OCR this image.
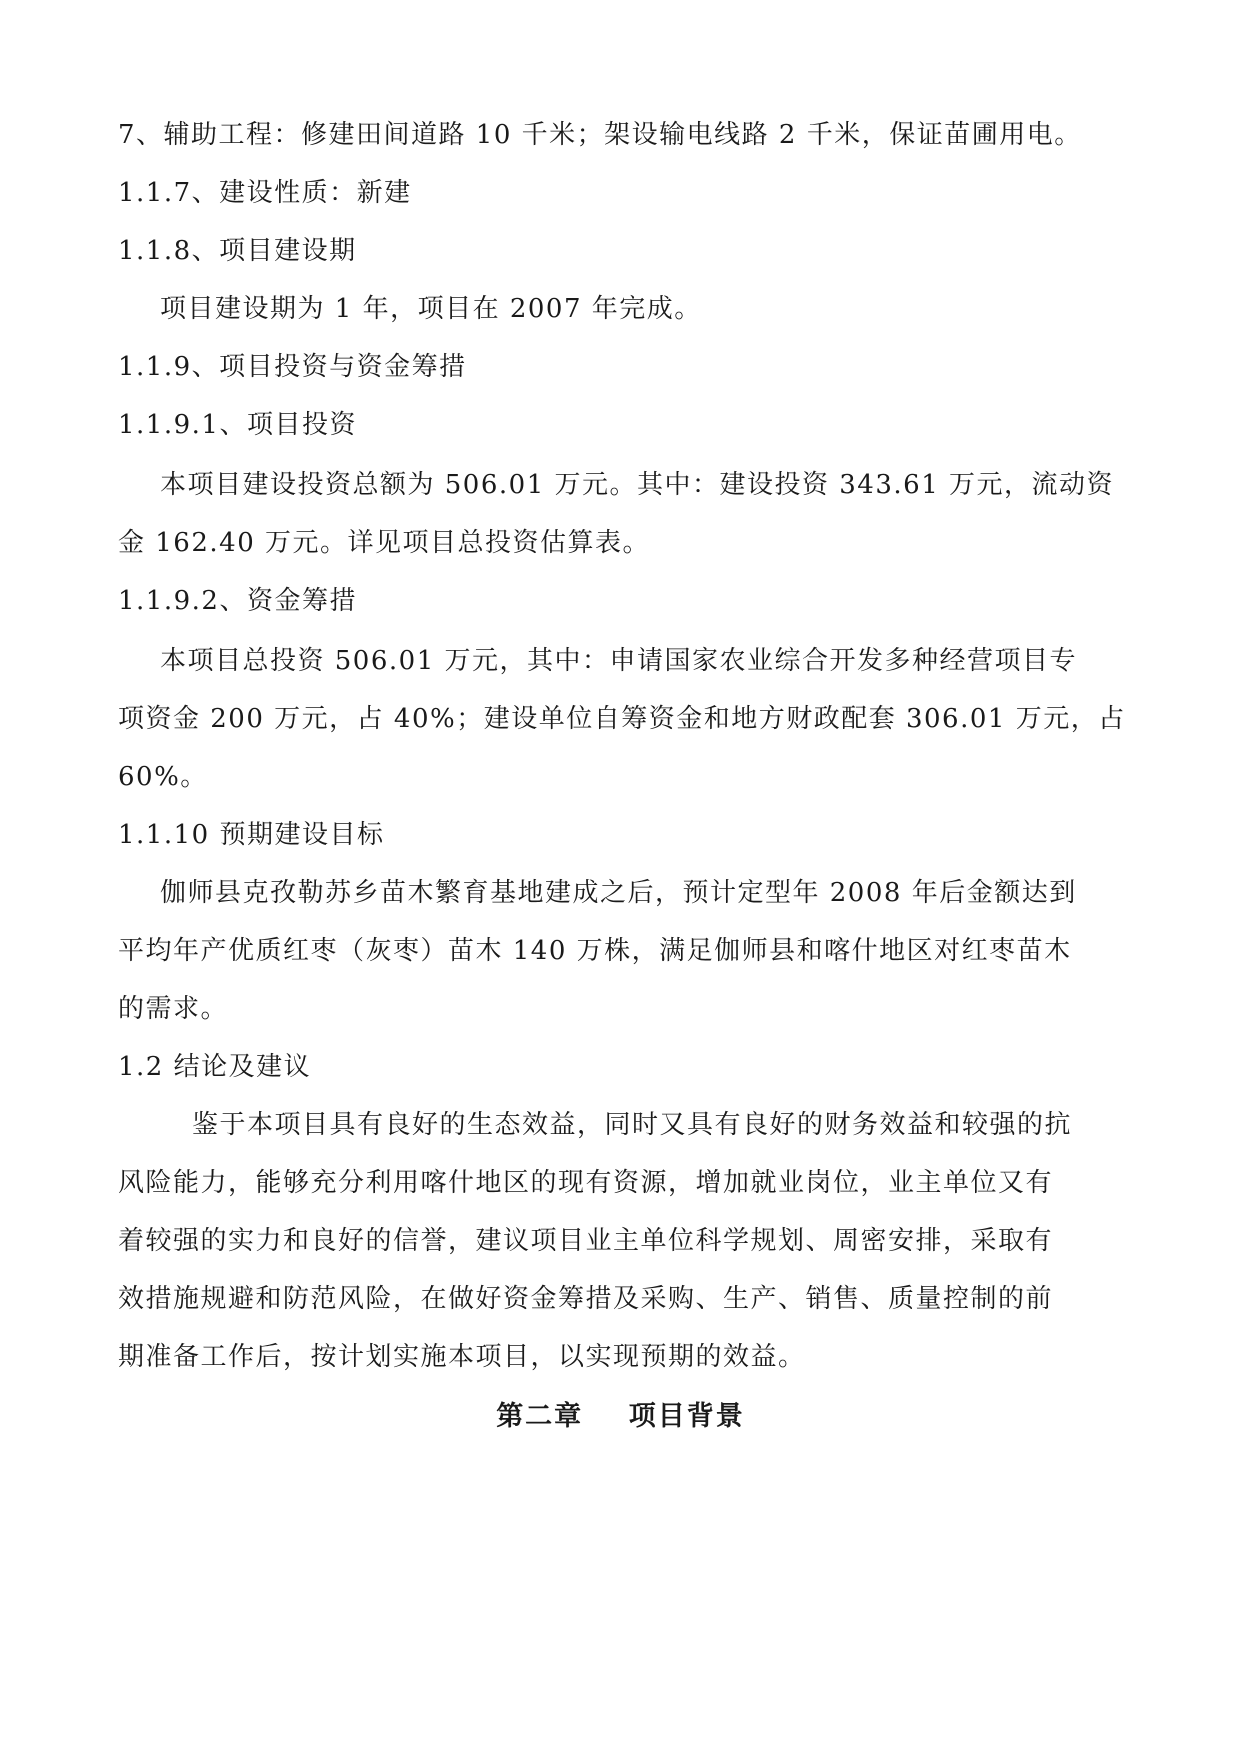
7、辅助工程：修建田间道路 10 千米；架设输电线路 2 千米，保证苗圃用电。
1.1.7、建设性质：新建
1.1.8、项目建设期
项目建设期为 1 年，项目在 2007 年完成。
1.1.9、项目投资与资金筹措
1.1.9.1、项目投资
本项目建设投资总额为 506.01 万元。其中：建设投资 343.61 万元，流动资
金 162.40 万元。详见项目总投资估算表。
1.1.9.2、资金筹措
本项目总投资 506.01 万元，其中：申请国家农业综合开发多种经营项目专
项资金 200 万元，占 40%；建设单位自筹资金和地方财政配套 306.01 万元，占
60%。
1.1.10 预期建设目标
伽师县克孜勒苏乡苗木繁育基地建成之后，预计定型年 2008 年后金额达到
平均年产优质红枣（灰枣）苗木 140 万株，满足伽师县和喀什地区对红枣苗木
的需求。
1.2 结论及建议
鉴于本项目具有良好的生态效益，同时又具有良好的财务效益和较强的抗
风险能力，能够充分利用喀什地区的现有资源，增加就业岗位，业主单位又有
着较强的实力和良好的信誉，建议项目业主单位科学规划、周密安排，采取有
效措施规避和防范风险，在做好资金筹措及采购、生产、销售、质量控制的前
期准备工作后，按计划实施本项目，以实现预期的效益。
第二章    项目背景
